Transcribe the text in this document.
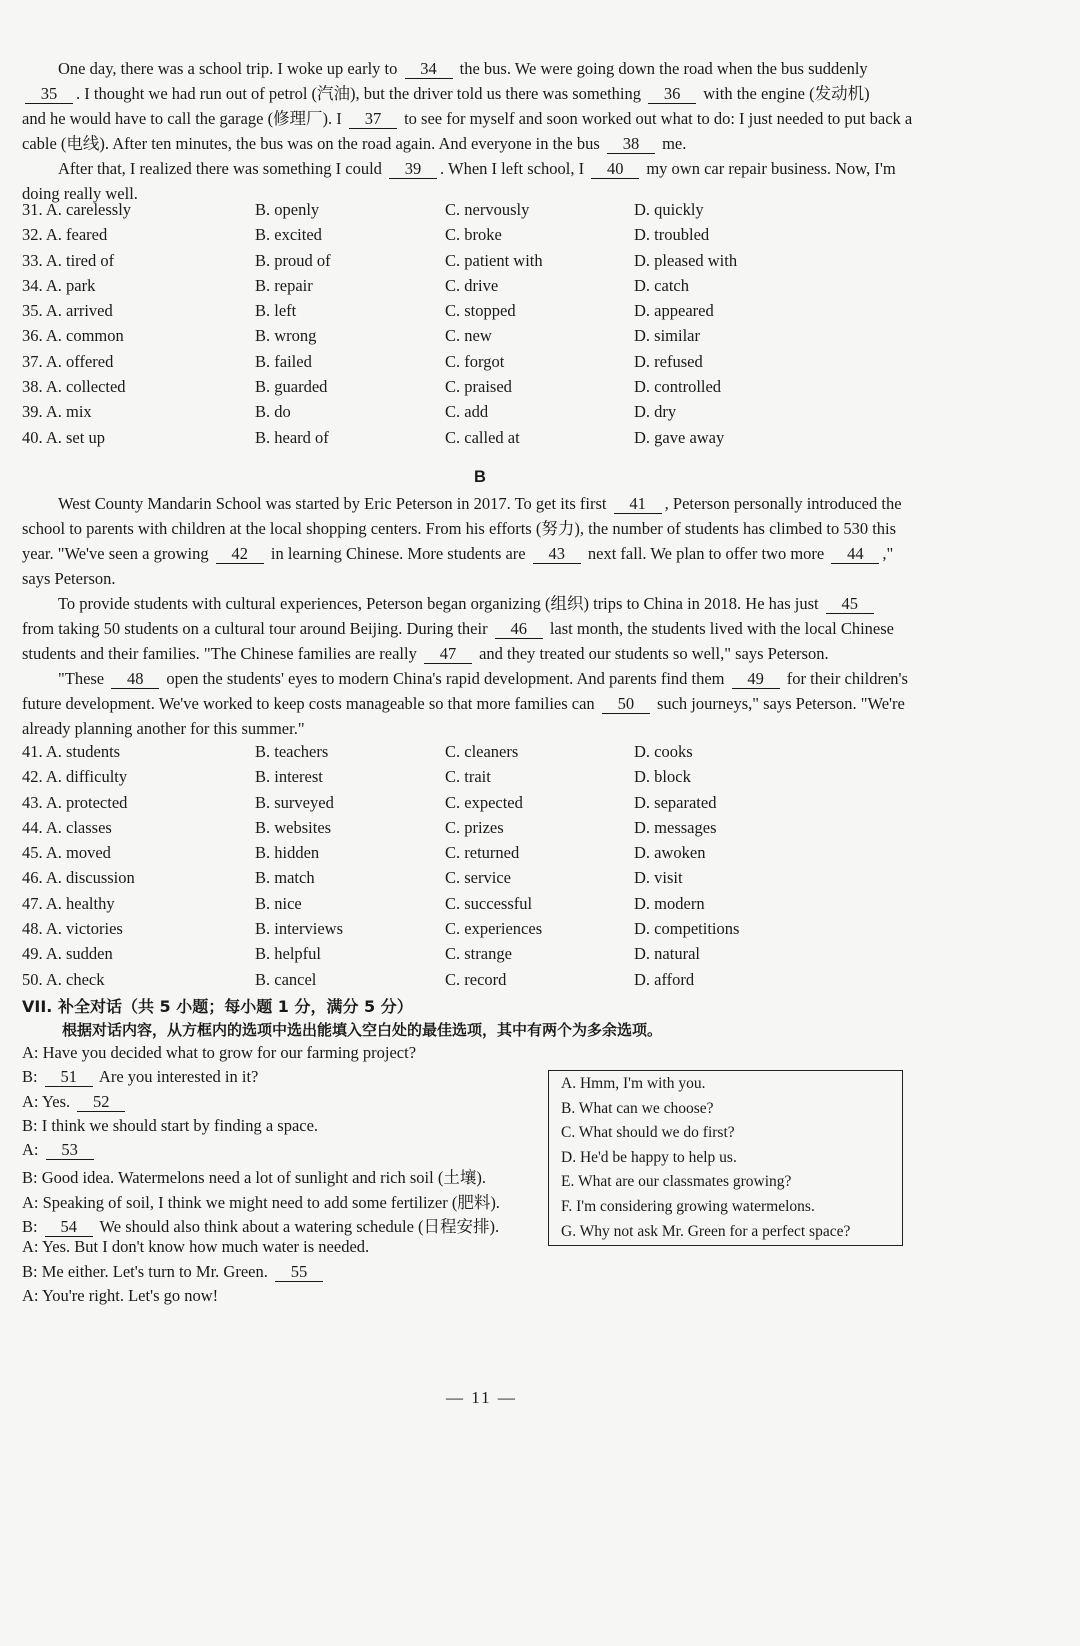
One day, there was a school trip. I woke up early to 34 the bus. We were going down the road when the bus suddenly
35 . I thought we had run out of petrol (汽油), but the driver told us there was something 36 with the engine (发动机)
and he would have to call the garage (修理厂). I 37 to see for myself and soon worked out what to do: I just needed to put back a
cable (电线). After ten minutes, the bus was on the road again. And everyone in the bus 38 me.
After that, I realized there was something I could 39 . When I left school, I 40 my own car repair business. Now, I'm
doing really well.
31. A. carelessly	B. openly	C. nervously	D. quickly
32. A. feared	B. excited	C. broke	D. troubled
33. A. tired of	B. proud of	C. patient with	D. pleased with
34. A. park	B. repair	C. drive	D. catch
35. A. arrived	B. left	C. stopped	D. appeared
36. A. common	B. wrong	C. new	D. similar
37. A. offered	B. failed	C. forgot	D. refused
38. A. collected	B. guarded	C. praised	D. controlled
39. A. mix	B. do	C. add	D. dry
40. A. set up	B. heard of	C. called at	D. gave away
B
West County Mandarin School was started by Eric Peterson in 2017. To get its first 41 , Peterson personally introduced the
school to parents with children at the local shopping centers. From his efforts (努力), the number of students has climbed to 530 this
year. "We've seen a growing 42 in learning Chinese. More students are 43 next fall. We plan to offer two more 44 ,"
says Peterson.
To provide students with cultural experiences, Peterson began organizing (组织) trips to China in 2018. He has just 45
from taking 50 students on a cultural tour around Beijing. During their 46 last month, the students lived with the local Chinese
students and their families. "The Chinese families are really 47 and they treated our students so well," says Peterson.
"These 48 open the students' eyes to modern China's rapid development. And parents find them 49 for their children's
future development. We've worked to keep costs manageable so that more families can 50 such journeys," says Peterson. "We're
already planning another for this summer."
41. A. students	B. teachers	C. cleaners	D. cooks
42. A. difficulty	B. interest	C. trait	D. block
43. A. protected	B. surveyed	C. expected	D. separated
44. A. classes	B. websites	C. prizes	D. messages
45. A. moved	B. hidden	C. returned	D. awoken
46. A. discussion	B. match	C. service	D. visit
47. A. healthy	B. nice	C. successful	D. modern
48. A. victories	B. interviews	C. experiences	D. competitions
49. A. sudden	B. helpful	C. strange	D. natural
50. A. check	B. cancel	C. record	D. afford
VII. 补全对话（共 5 小题；每小题 1 分，满分 5 分）
根据对话内容，从方框内的选项中选出能填入空白处的最佳选项，其中有两个为多余选项。
A: Have you decided what to grow for our farming project?
B: 51 Are you interested in it?
A: Yes. 52
B: I think we should start by finding a space.
A: 53
B: Good idea. Watermelons need a lot of sunlight and rich soil (土壤).
A: Speaking of soil, I think we might need to add some fertilizer (肥料).
B: 54 We should also think about a watering schedule (日程安排).
A: Yes. But I don't know how much water is needed.
B: Me either. Let's turn to Mr. Green. 55
A: You're right. Let's go now!
A. Hmm, I'm with you.
B. What can we choose?
C. What should we do first?
D. He'd be happy to help us.
E. What are our classmates growing?
F. I'm considering growing watermelons.
G. Why not ask Mr. Green for a perfect space?
— 11 —
